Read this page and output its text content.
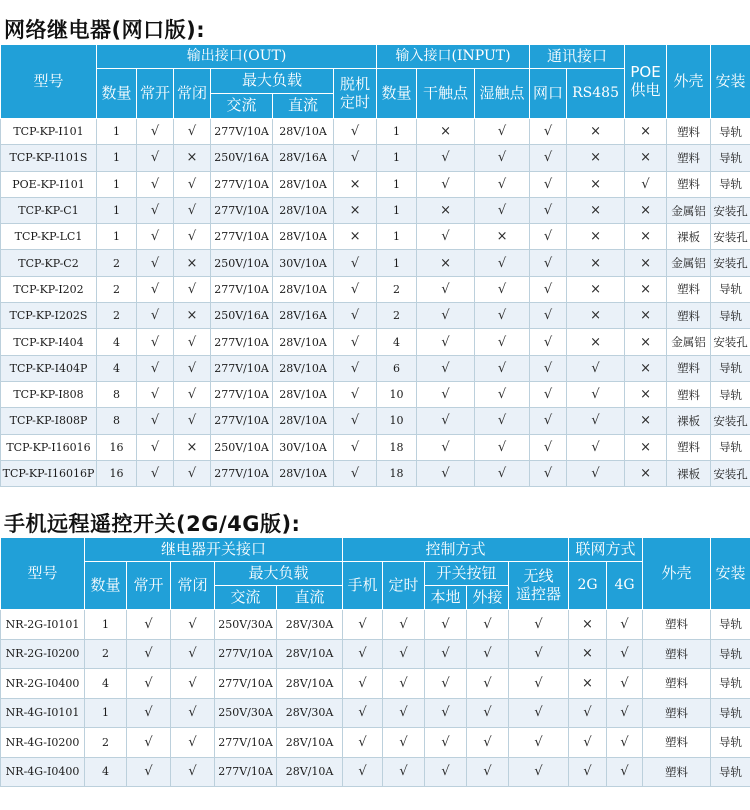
网络继电器(网口版):
型号	输出接口(OUT)						输入接口(INPUT)			通讯接口		POE
供电	外壳	安装
	数量	常开	常闭	最大负载		脱机
定时	数量	干触点	湿触点	网口	RS485			
				交流	直流									
TCP-KP-I101	1	√	√	277V/10A	28V/10A	√	1	×	√	√	×	×	塑料	导轨
TCP-KP-I101S	1	√	×	250V/16A	28V/16A	√	1	√	√	√	×	×	塑料	导轨
POE-KP-I101	1	√	√	277V/10A	28V/10A	×	1	√	√	√	×	√	塑料	导轨
TCP-KP-C1	1	√	√	277V/10A	28V/10A	×	1	×	√	√	×	×	金属铝	安装孔
TCP-KP-LC1	1	√	√	277V/10A	28V/10A	×	1	√	×	√	×	×	裸板	安装孔
TCP-KP-C2	2	√	×	250V/10A	30V/10A	√	1	×	√	√	×	×	金属铝	安装孔
TCP-KP-I202	2	√	√	277V/10A	28V/10A	√	2	√	√	√	×	×	塑料	导轨
TCP-KP-I202S	2	√	×	250V/16A	28V/16A	√	2	√	√	√	×	×	塑料	导轨
TCP-KP-I404	4	√	√	277V/10A	28V/10A	√	4	√	√	√	×	×	金属铝	安装孔
TCP-KP-I404P	4	√	√	277V/10A	28V/10A	√	6	√	√	√	√	×	塑料	导轨
TCP-KP-I808	8	√	√	277V/10A	28V/10A	√	10	√	√	√	√	×	塑料	导轨
TCP-KP-I808P	8	√	√	277V/10A	28V/10A	√	10	√	√	√	√	×	裸板	安装孔
TCP-KP-I16016	16	√	×	250V/10A	30V/10A	√	18	√	√	√	√	×	塑料	导轨
TCP-KP-I16016P	16	√	√	277V/10A	28V/10A	√	18	√	√	√	√	×	裸板	安装孔
手机远程遥控开关(2G/4G版):
型号	继电器开关接口					控制方式					联网方式		外壳	安装
	数量	常开	常闭	最大负载		手机	定时	开关按钮		无线
遥控器	2G	4G		
				交流	直流			本地	外接					
NR-2G-I0101	1	√	√	250V/30A	28V/30A	√	√	√	√	√	×	√	塑料	导轨
NR-2G-I0200	2	√	√	277V/10A	28V/10A	√	√	√	√	√	×	√	塑料	导轨
NR-2G-I0400	4	√	√	277V/10A	28V/10A	√	√	√	√	√	×	√	塑料	导轨
NR-4G-I0101	1	√	√	250V/30A	28V/30A	√	√	√	√	√	√	√	塑料	导轨
NR-4G-I0200	2	√	√	277V/10A	28V/10A	√	√	√	√	√	√	√	塑料	导轨
NR-4G-I0400	4	√	√	277V/10A	28V/10A	√	√	√	√	√	√	√	塑料	导轨
